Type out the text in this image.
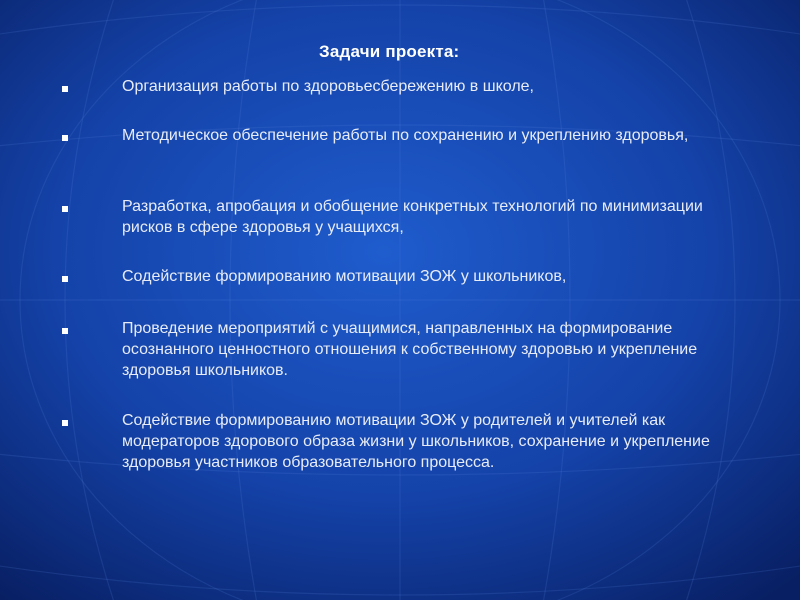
Задачи проекта:
Организация работы по здоровьесбережению в школе,
Методическое обеспечение работы по сохранению и укреплению здоровья,
Разработка, апробация и обобщение конкретных технологий по минимизации рисков в сфере здоровья у учащихся,
Содействие формированию мотивации ЗОЖ у школьников,
Проведение мероприятий с учащимися, направленных на формирование осознанного ценностного отношения к собственному здоровью и укрепление здоровья школьников.
Содействие формированию мотивации ЗОЖ у родителей и учителей как модераторов здорового образа жизни у школьников, сохранение и укрепление здоровья участников образовательного процесса.
